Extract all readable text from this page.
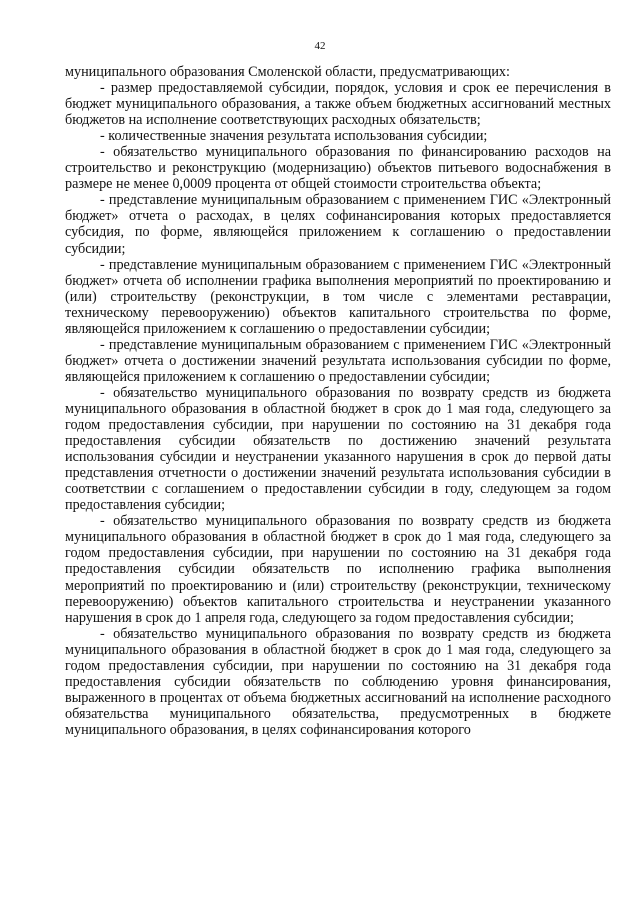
42

муниципального образования Смоленской области, предусматривающих:

- размер предоставляемой субсидии, порядок, условия и срок ее перечисления в бюджет муниципального образования, а также объем бюджетных ассигнований местных бюджетов на исполнение соответствующих расходных обязательств;

- количественные значения результата использования субсидии;

- обязательство муниципального образования по финансированию расходов на строительство и реконструкцию (модернизацию) объектов питьевого водоснабжения в размере не менее 0,0009 процента от общей стоимости строительства объекта;

- представление муниципальным образованием с применением ГИС «Электронный бюджет» отчета о расходах, в целях софинансирования которых предоставляется субсидия, по форме, являющейся приложением к соглашению о предоставлении субсидии;

- представление муниципальным образованием с применением ГИС «Электронный бюджет» отчета об исполнении графика выполнения мероприятий по проектированию и (или) строительству (реконструкции, в том числе с элементами реставрации, техническому перевооружению) объектов капитального строительства по форме, являющейся приложением к соглашению о предоставлении субсидии;

- представление муниципальным образованием с применением ГИС «Электронный бюджет» отчета о достижении значений результата использования субсидии по форме, являющейся приложением к соглашению о предоставлении субсидии;

- обязательство муниципального образования по возврату средств из бюджета муниципального образования в областной бюджет в срок до 1 мая года, следующего за годом предоставления субсидии, при нарушении по состоянию на 31 декабря года предоставления субсидии обязательств по достижению значений результата использования субсидии и неустранении указанного нарушения в срок до первой даты представления отчетности о достижении значений результата использования субсидии в соответствии с соглашением о предоставлении субсидии в году, следующем за годом предоставления субсидии;

- обязательство муниципального образования по возврату средств из бюджета муниципального образования в областной бюджет в срок до 1 мая года, следующего за годом предоставления субсидии, при нарушении по состоянию на 31 декабря года предоставления субсидии обязательств по исполнению графика выполнения мероприятий по проектированию и (или) строительству (реконструкции, техническому перевооружению) объектов капитального строительства и неустранении указанного нарушения в срок до 1 апреля года, следующего за годом предоставления субсидии;

- обязательство муниципального образования по возврату средств из бюджета муниципального образования в областной бюджет в срок до 1 мая года, следующего за годом предоставления субсидии, при нарушении по состоянию на 31 декабря года предоставления субсидии обязательств по соблюдению уровня финансирования, выраженного в процентах от объема бюджетных ассигнований на исполнение расходного обязательства муниципального обязательства, предусмотренных в бюджете муниципального образования, в целях софинансирования которого
